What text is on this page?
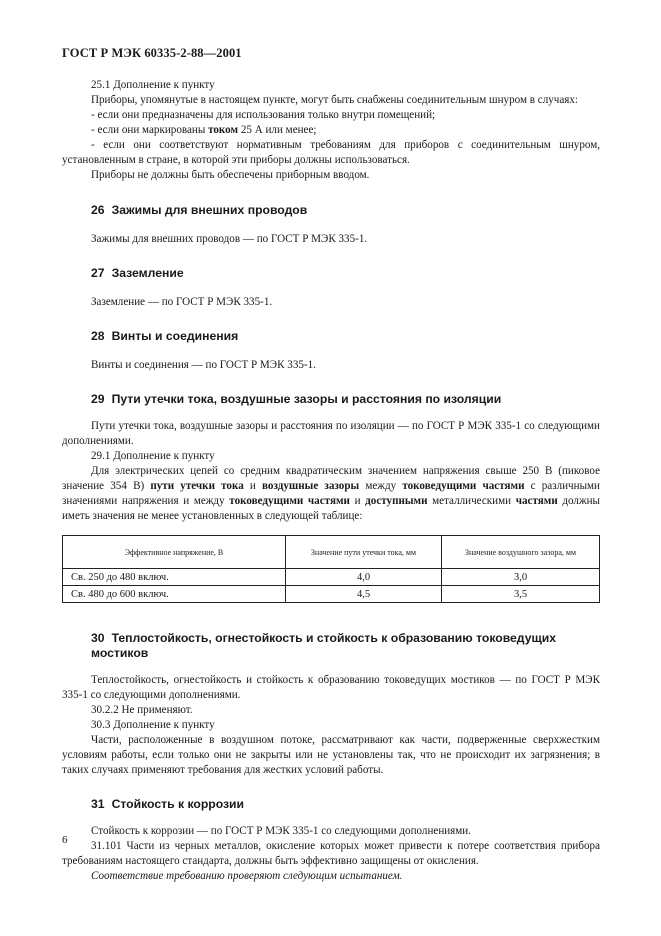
ГОСТ Р МЭК 60335-2-88—2001
25.1 Дополнение к пункту
Приборы, упомянутые в настоящем пункте, могут быть снабжены соединительным шнуром в случаях:
- если они предназначены для использования только внутри помещений;
- если они маркированы током 25 А или менее;
- если они соответствуют нормативным требованиям для приборов с соединительным шнуром, установленным в стране, в которой эти приборы должны использоваться.
Приборы не должны быть обеспечены приборным вводом.
26 Зажимы для внешних проводов
Зажимы для внешних проводов — по ГОСТ Р МЭК 335-1.
27 Заземление
Заземление — по ГОСТ Р МЭК 335-1.
28 Винты и соединения
Винты и соединения — по ГОСТ Р МЭК 335-1.
29 Пути утечки тока, воздушные зазоры и расстояния по изоляции
Пути утечки тока, воздушные зазоры и расстояния по изоляции — по ГОСТ Р МЭК 335-1 со следующими дополнениями.
29.1 Дополнение к пункту
Для электрических цепей со средним квадратическим значением напряжения свыше 250 В (пиковое значение 354 В) пути утечки тока и воздушные зазоры между токоведущими частями с различными значениями напряжения и между токоведущими частями и доступными металлическими частями должны иметь значения не менее установленных в следующей таблице:
Эффективное напряжение, В	Значение пути утечки тока, мм	Значение воздушного зазора, мм
Св. 250 до 480 включ.	4,0	3,0
Св. 480 до 600 включ.	4,5	3,5
30 Теплостойкость, огнестойкость и стойкость к образованию токоведущих мостиков
Теплостойкость, огнестойкость и стойкость к образованию токоведущих мостиков — по ГОСТ Р МЭК 335-1 со следующими дополнениями.
30.2.2 Не применяют.
30.3 Дополнение к пункту
Части, расположенные в воздушном потоке, рассматривают как части, подверженные сверхжестким условиям работы, если только они не закрыты или не установлены так, что не происходит их загрязнения; в таких случаях применяют требования для жестких условий работы.
31 Стойкость к коррозии
Стойкость к коррозии — по ГОСТ Р МЭК 335-1 со следующими дополнениями.
31.101 Части из черных металлов, окисление которых может привести к потере соответствия прибора требованиям настоящего стандарта, должны быть эффективно защищены от окисления.
Соответствие требованию проверяют следующим испытанием.
6
